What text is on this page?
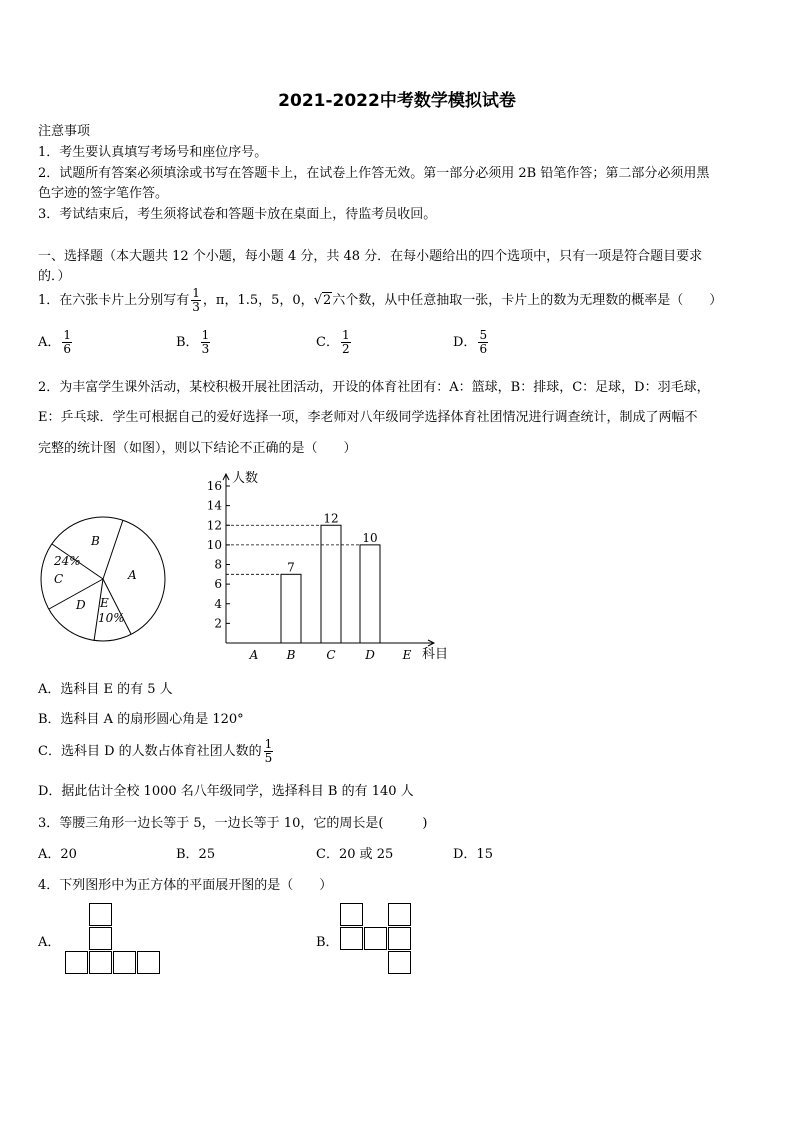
2021-2022中考数学模拟试卷
注意事项
1．考生要认真填写考场号和座位序号。
2．试题所有答案必须填涂或书写在答题卡上，在试卷上作答无效。第一部分必须用 2B 铅笔作答；第二部分必须用黑
色字迹的签字笔作答。
3．考试结束后，考生须将试卷和答题卡放在桌面上，待监考员收回。
一、选择题（本大题共 12 个小题，每小题 4 分，共 48 分．在每小题给出的四个选项中，只有一项是符合题目要求
的．）
1．在六张卡片上分别写有 $\frac{1}{3}$ ，π，1.5，5，0，√2六个数，从中任意抽取一张，卡片上的数为无理数的概率是（　　）
A． $\frac{1}{6}$	B． $\frac{1}{3}$	C． $\frac{1}{2}$	D． $\frac{5}{6}$
2．为丰富学生课外活动，某校积极开展社团活动，开设的体育社团有：A：篮球，B：排球，C：足球，D：羽毛球，
E：乒乓球．学生可根据自己的爱好选择一项，李老师对八年级同学选择体育社团情况进行调查统计，制成了两幅不
完整的统计图（如图），则以下结论不正确的是（　　）
B
24%
C	A
D E
10%	2
4
6
8
10
12
14
16
A B
7
C
12
D
10
E
人数
科目
A．选科目 E 的有 5 人
B．选科目 A 的扇形圆心角是 120°
C．选科目 D 的人数占体育社团人数的 $\frac{1}{5}$
D．据此估计全校 1000 名八年级同学，选择科目 B 的有 140 人
3．等腰三角形一边长等于 5，一边长等于 10，它的周长是(　　　)
A．20	B．25	C．20 或 25	D．15
4．下列图形中为正方体的平面展开图的是（　　）
A．	B．
